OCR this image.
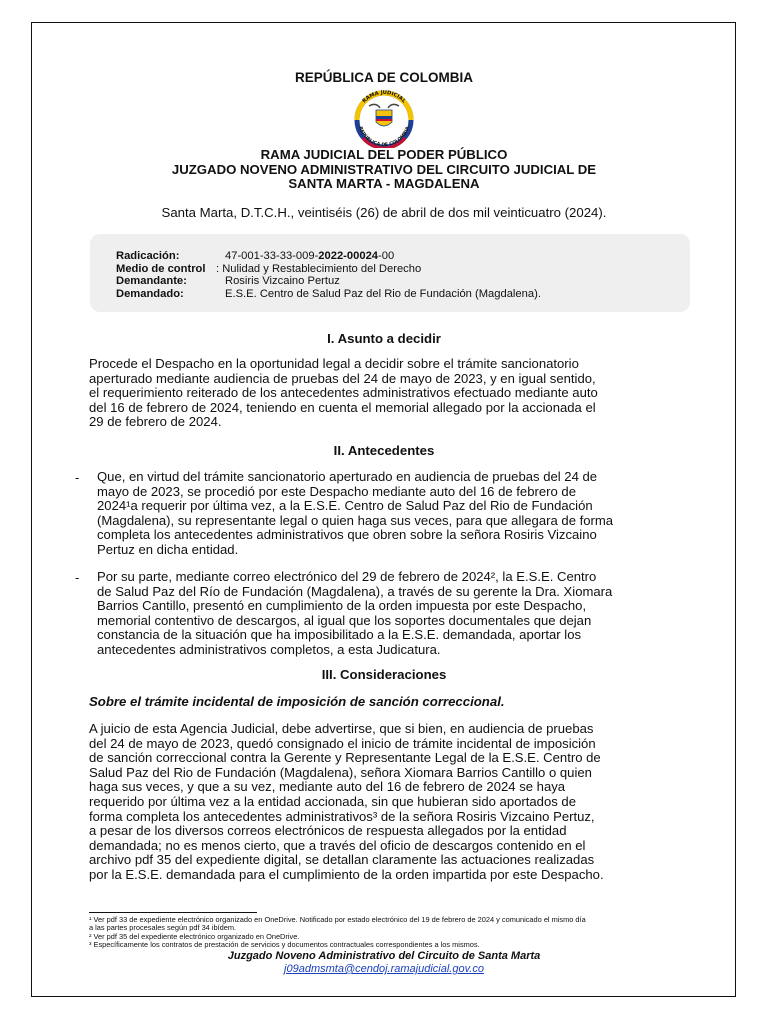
REPÚBLICA DE COLOMBIA
RAMA JUDICIAL
REPÚBLICA DE COLOMBIA
RAMA JUDICIAL DEL PODER PÚBLICO
JUZGADO NOVENO ADMINISTRATIVO DEL CIRCUITO JUDICIAL DE
SANTA MARTA - MAGDALENA
Santa Marta, D.T.C.H., veintiséis (26) de abril de dos mil veinticuatro (2024).
Radicación:	47-001-33-33-009-2022-00024-00
Medio de control : Nulidad y Restablecimiento del Derecho
Demandante:	Rosiris Vizcaino Pertuz
Demandado:	E.S.E. Centro de Salud Paz del Rio de Fundación (Magdalena).
I. Asunto a decidir
Procede el Despacho en la oportunidad legal a decidir sobre el trámite sancionatorio
aperturado mediante audiencia de pruebas del 24 de mayo de 2023, y en igual sentido,
el requerimiento reiterado de los antecedentes administrativos efectuado mediante auto
del 16 de febrero de 2024, teniendo en cuenta el memorial allegado por la accionada el
29 de febrero de 2024.
II. Antecedentes
- Que, en virtud del trámite sancionatorio aperturado en audiencia de pruebas del 24 de
mayo de 2023, se procedió por este Despacho mediante auto del 16 de febrero de
2024¹a requerir por última vez, a la E.S.E. Centro de Salud Paz del Rio de Fundación
(Magdalena), su representante legal o quien haga sus veces, para que allegara de forma
completa los antecedentes administrativos que obren sobre la señora Rosiris Vizcaino
Pertuz en dicha entidad.
- Por su parte, mediante correo electrónico del 29 de febrero de 2024², la E.S.E. Centro
de Salud Paz del Río de Fundación (Magdalena), a través de su gerente la Dra. Xiomara
Barrios Cantillo, presentó en cumplimiento de la orden impuesta por este Despacho,
memorial contentivo de descargos, al igual que los soportes documentales que dejan
constancia de la situación que ha imposibilitado a la E.S.E. demandada, aportar los
antecedentes administrativos completos, a esta Judicatura.
III. Consideraciones
Sobre el trámite incidental de imposición de sanción correccional.
A juicio de esta Agencia Judicial, debe advertirse, que si bien, en audiencia de pruebas
del 24 de mayo de 2023, quedó consignado el inicio de trámite incidental de imposición
de sanción correccional contra la Gerente y Representante Legal de la E.S.E. Centro de
Salud Paz del Rio de Fundación (Magdalena), señora Xiomara Barrios Cantillo o quien
haga sus veces, y que a su vez, mediante auto del 16 de febrero de 2024 se haya
requerido por última vez a la entidad accionada, sin que hubieran sido aportados de
forma completa los antecedentes administrativos³ de la señora Rosiris Vizcaino Pertuz,
a pesar de los diversos correos electrónicos de respuesta allegados por la entidad
demandada; no es menos cierto, que a través del oficio de descargos contenido en el
archivo pdf 35 del expediente digital, se detallan claramente las actuaciones realizadas
por la E.S.E. demandada para el cumplimiento de la orden impartida por este Despacho.
¹ Ver pdf 33 de expediente electrónico organizado en OneDrive. Notificado por estado electrónico del 19 de febrero de 2024 y comunicado el mismo día
a las partes procesales según pdf 34 ibídem.
² Ver pdf 35 del expediente electrónico organizado en OneDrive.
³ Específicamente los contratos de prestación de servicios y documentos contractuales correspondientes a los mismos.
Juzgado Noveno Administrativo del Circuito de Santa Marta
j09admsmta@cendoj.ramajudicial.gov.co
